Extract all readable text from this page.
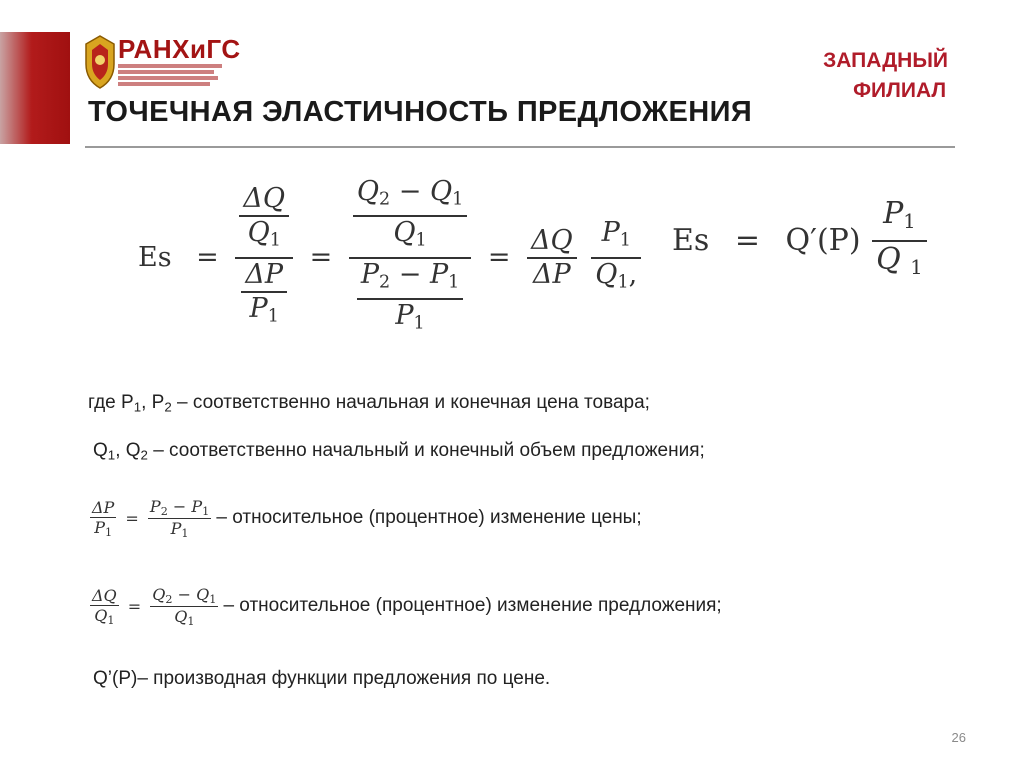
РАНХиГС	ЗАПАДНЫЙ
ФИЛИАЛ
ТОЧЕЧНАЯ ЭЛАСТИЧНОСТЬ ПРЕДЛОЖЕНИЯ
$Es = \frac{\frac{\Delta Q}{Q_1}}{\frac{\Delta P}{P_1}} = \frac{\frac{Q_2 - Q_1}{Q_1}}{\frac{P_2 - P_1}{P_1}} = \frac{\Delta Q}{\Delta P}$
$\frac{P_1}{Q_1,}$ $Es = Q'(P) \frac{P_1}{Q _1}$
где $P_1$, $P_2$ – соответственно начальная и конечная цена товара;
$Q_1$, $Q_2$ – соответственно начальный и конечный объем предложения;
$\frac{\Delta P}{P_1} = \frac{P_2 - P_1}{P_1}$ – относительное (процентное) изменение цены;
$\frac{\Delta Q}{Q_1} = \frac{Q_2 - Q_1}{Q_1}$ – относительное (процентное) изменение предложения;
Q’(P)– производная функции предложения по цене.
26
